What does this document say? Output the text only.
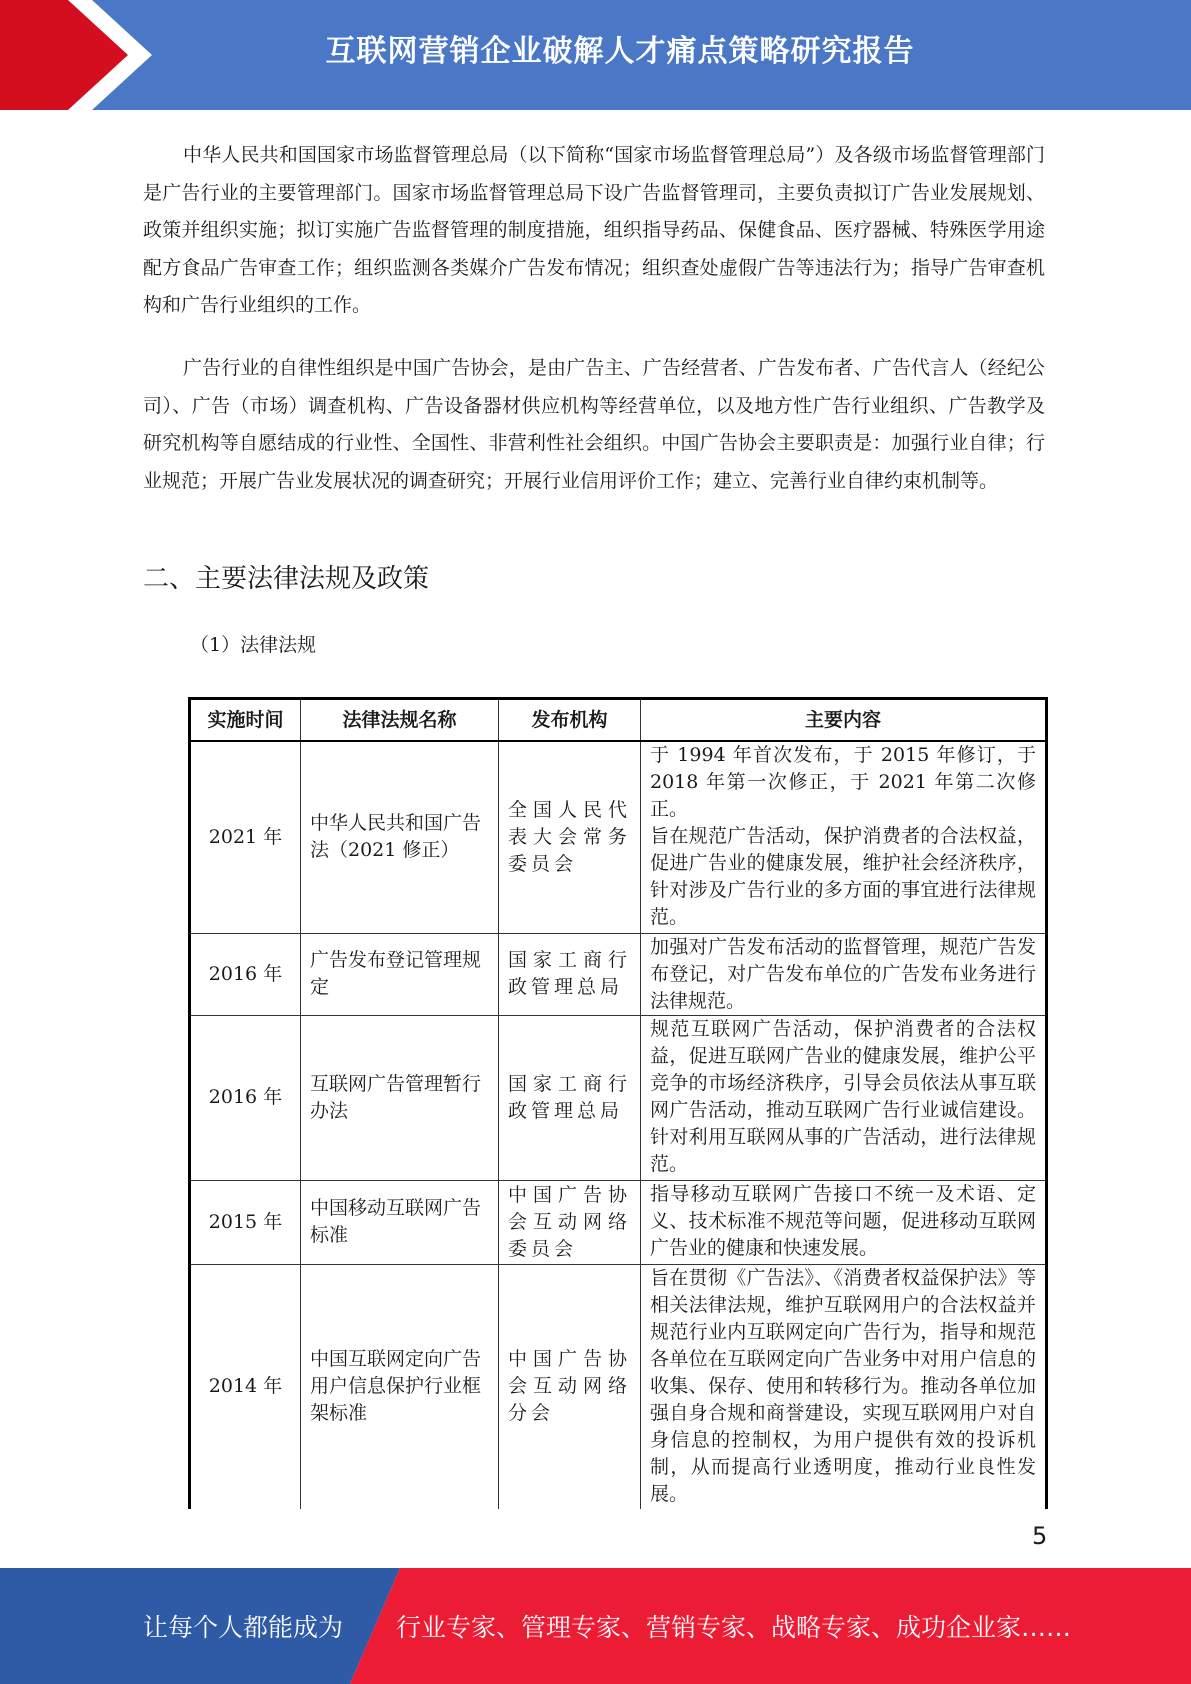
互联网营销企业破解人才痛点策略研究报告

中华人民共和国国家市场监督管理总局（以下简称“国家市场监督管理总局”）及各级市场监督管理部门是广告行业的主要管理部门。国家市场监督管理总局下设广告监督管理司，主要负责拟订广告业发展规划、政策并组织实施；拟订实施广告监督管理的制度措施，组织指导药品、保健食品、医疗器械、特殊医学用途配方食品广告审查工作；组织监测各类媒介广告发布情况；组织查处虚假广告等违法行为；指导广告审查机构和广告行业组织的工作。

广告行业的自律性组织是中国广告协会，是由广告主、广告经营者、广告发布者、广告代言人（经纪公司）、广告（市场）调查机构、广告设备器材供应机构等经营单位，以及地方性广告行业组织、广告教学及研究机构等自愿结成的行业性、全国性、非营利性社会组织。中国广告协会主要职责是：加强行业自律；行业规范；开展广告业发展状况的调查研究；开展行业信用评价工作；建立、完善行业自律约束机制等。

二、主要法律法规及政策
（1）法律法规
实施时间	法律法规名称	发布机构	主要内容
2021 年	中华人民共和国广告法（2021 修正）	全国人民代表大会常务委员会	于 1994 年首次发布，于 2015 年修订，于 2018 年第一次修正，于 2021 年第二次修正。
旨在规范广告活动，保护消费者的合法权益，促进广告业的健康发展，维护社会经济秩序，针对涉及广告行业的多方面的事宜进行法律规范。

2016 年	广告发布登记管理规定	国家工商行政管理总局	加强对广告发布活动的监督管理，规范广告发布登记，对广告发布单位的广告发布业务进行法律规范。

2016 年	互联网广告管理暂行办法	国家工商行政管理总局	规范互联网广告活动，保护消费者的合法权益，促进互联网广告业的健康发展，维护公平竞争的市场经济秩序，引导会员依法从事互联网广告活动，推动互联网广告行业诚信建设。针对利用互联网从事的广告活动，进行法律规范。

2015 年	中国移动互联网广告标准	中国广告协会互动网络委员会	指导移动互联网广告接口不统一及术语、定义、技术标准不规范等问题，促进移动互联网广告业的健康和快速发展。

2014 年	中国互联网定向广告用户信息保护行业框架标准	中国广告协会互动网络分会	旨在贯彻《广告法》、《消费者权益保护法》等相关法律法规，维护互联网用户的合法权益并规范行业内互联网定向广告行为，指导和规范各单位在互联网定向广告业务中对用户信息的收集、保存、使用和转移行为。推动各单位加强自身合规和商誉建设，实现互联网用户对自身信息的控制权，为用户提供有效的投诉机制，从而提高行业透明度，推动行业良性发展。
5
让每个人都能成为 行业专家、管理专家、营销专家、战略专家、成功企业家……
